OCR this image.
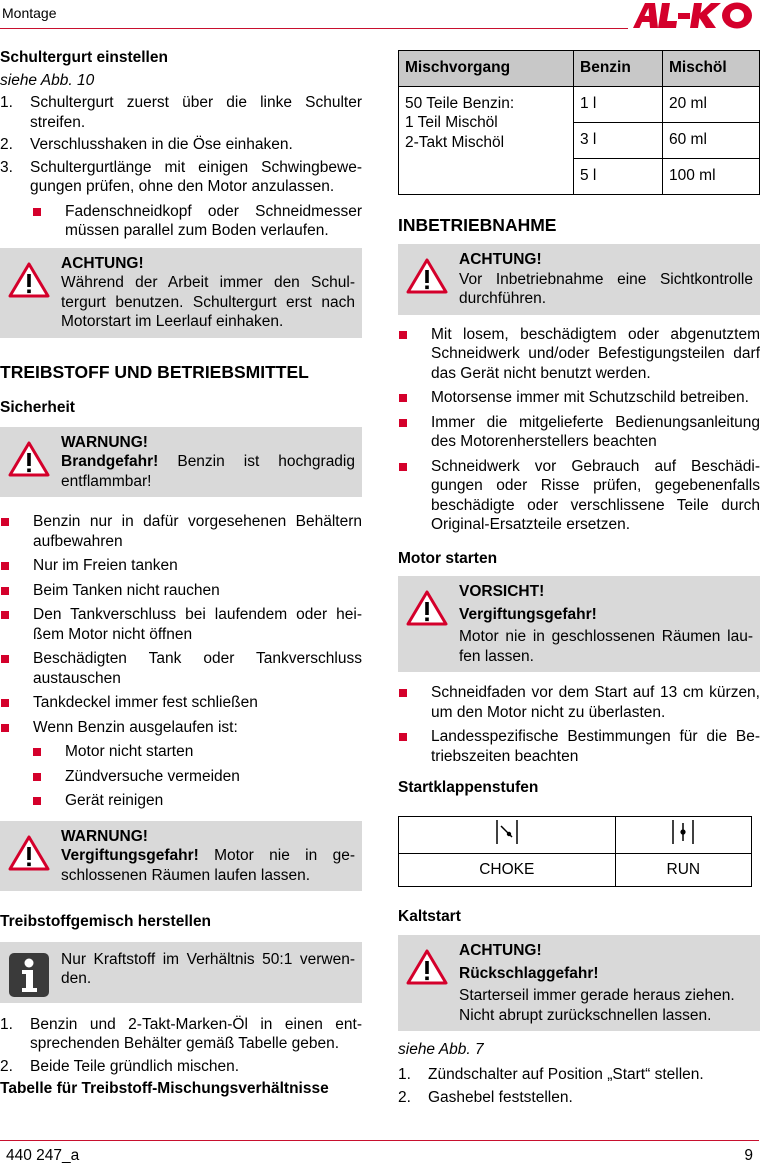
Montage

Schultergurt einstellen

siehe Abb. 10
1. Schultergurt zuerst über die linke Schulter streifen.
2. Verschlusshaken in die Öse einhaken.
3. Schultergurtlänge mit einigen Schwingbewegungen prüfen, ohne den Motor anzulassen.
Fadenschneidkopf oder Schneidmesser müssen parallel zum Boden verlaufen.

ACHTUNG!

Während der Arbeit immer den Schultergurt benutzen. Schultergurt erst nach Motorstart im Leerlauf einhaken.

TREIBSTOFF UND BETRIEBSMITTEL

Sicherheit

WARNUNG!

Brandgefahr! Benzin ist hochgradig entflammbar!

Benzin nur in dafür vorgesehenen Behältern aufbewahren
Nur im Freien tanken
Beim Tanken nicht rauchen
Den Tankverschluss bei laufendem oder heißem Motor nicht öffnen
Beschädigten Tank oder Tankverschluss austauschen
Tankdeckel immer fest schließen
Wenn Benzin ausgelaufen ist:
Motor nicht starten
Zündversuche vermeiden
Gerät reinigen

WARNUNG!

Vergiftungsgefahr! Motor nie in geschlossenen Räumen laufen lassen.

Treibstoffgemisch herstellen

Nur Kraftstoff im Verhältnis 50:1 verwenden.

1. Benzin und 2-Takt-Marken-Öl in einen entsprechenden Behälter gemäß Tabelle geben.
2. Beide Teile gründlich mischen.

Tabelle für Treibstoff-Mischungsverhältnisse

Mischvorgang	Benzin	Mischöl

50 Teile Benzin:
1 Teil Mischöl
2-Takt Mischöl	1 l	20 ml
	3 l	60 ml
	5 l	100 ml

INBETRIEBNAHME

ACHTUNG!

Vor Inbetriebnahme eine Sichtkontrolle durchführen.

Mit losem, beschädigtem oder abgenutztem Schneidwerk und/oder Befestigungsteilen darf das Gerät nicht benutzt werden.
Motorsense immer mit Schutzschild betreiben.
Immer die mitgelieferte Bedienungsanleitung des Motorenherstellers beachten
Schneidwerk vor Gebrauch auf Beschädigungen oder Risse prüfen, gegebenenfalls beschädigte oder verschlissene Teile durch Original-Ersatzteile ersetzen.

Motor starten

VORSICHT!

Vergiftungsgefahr!

Motor nie in geschlossenen Räumen laufen lassen.

Schneidfaden vor dem Start auf 13 cm kürzen, um den Motor nicht zu überlasten.
Landesspezifische Bestimmungen für die Betriebszeiten beachten

Startklappenstufen

CHOKE	RUN

Kaltstart

ACHTUNG!

Rückschlaggefahr!

Starterseil immer gerade heraus ziehen. Nicht abrupt zurückschnellen lassen.

siehe Abb. 7
1. Zündschalter auf Position „Start“ stellen.
2. Gashebel feststellen.
440 247_a	9
